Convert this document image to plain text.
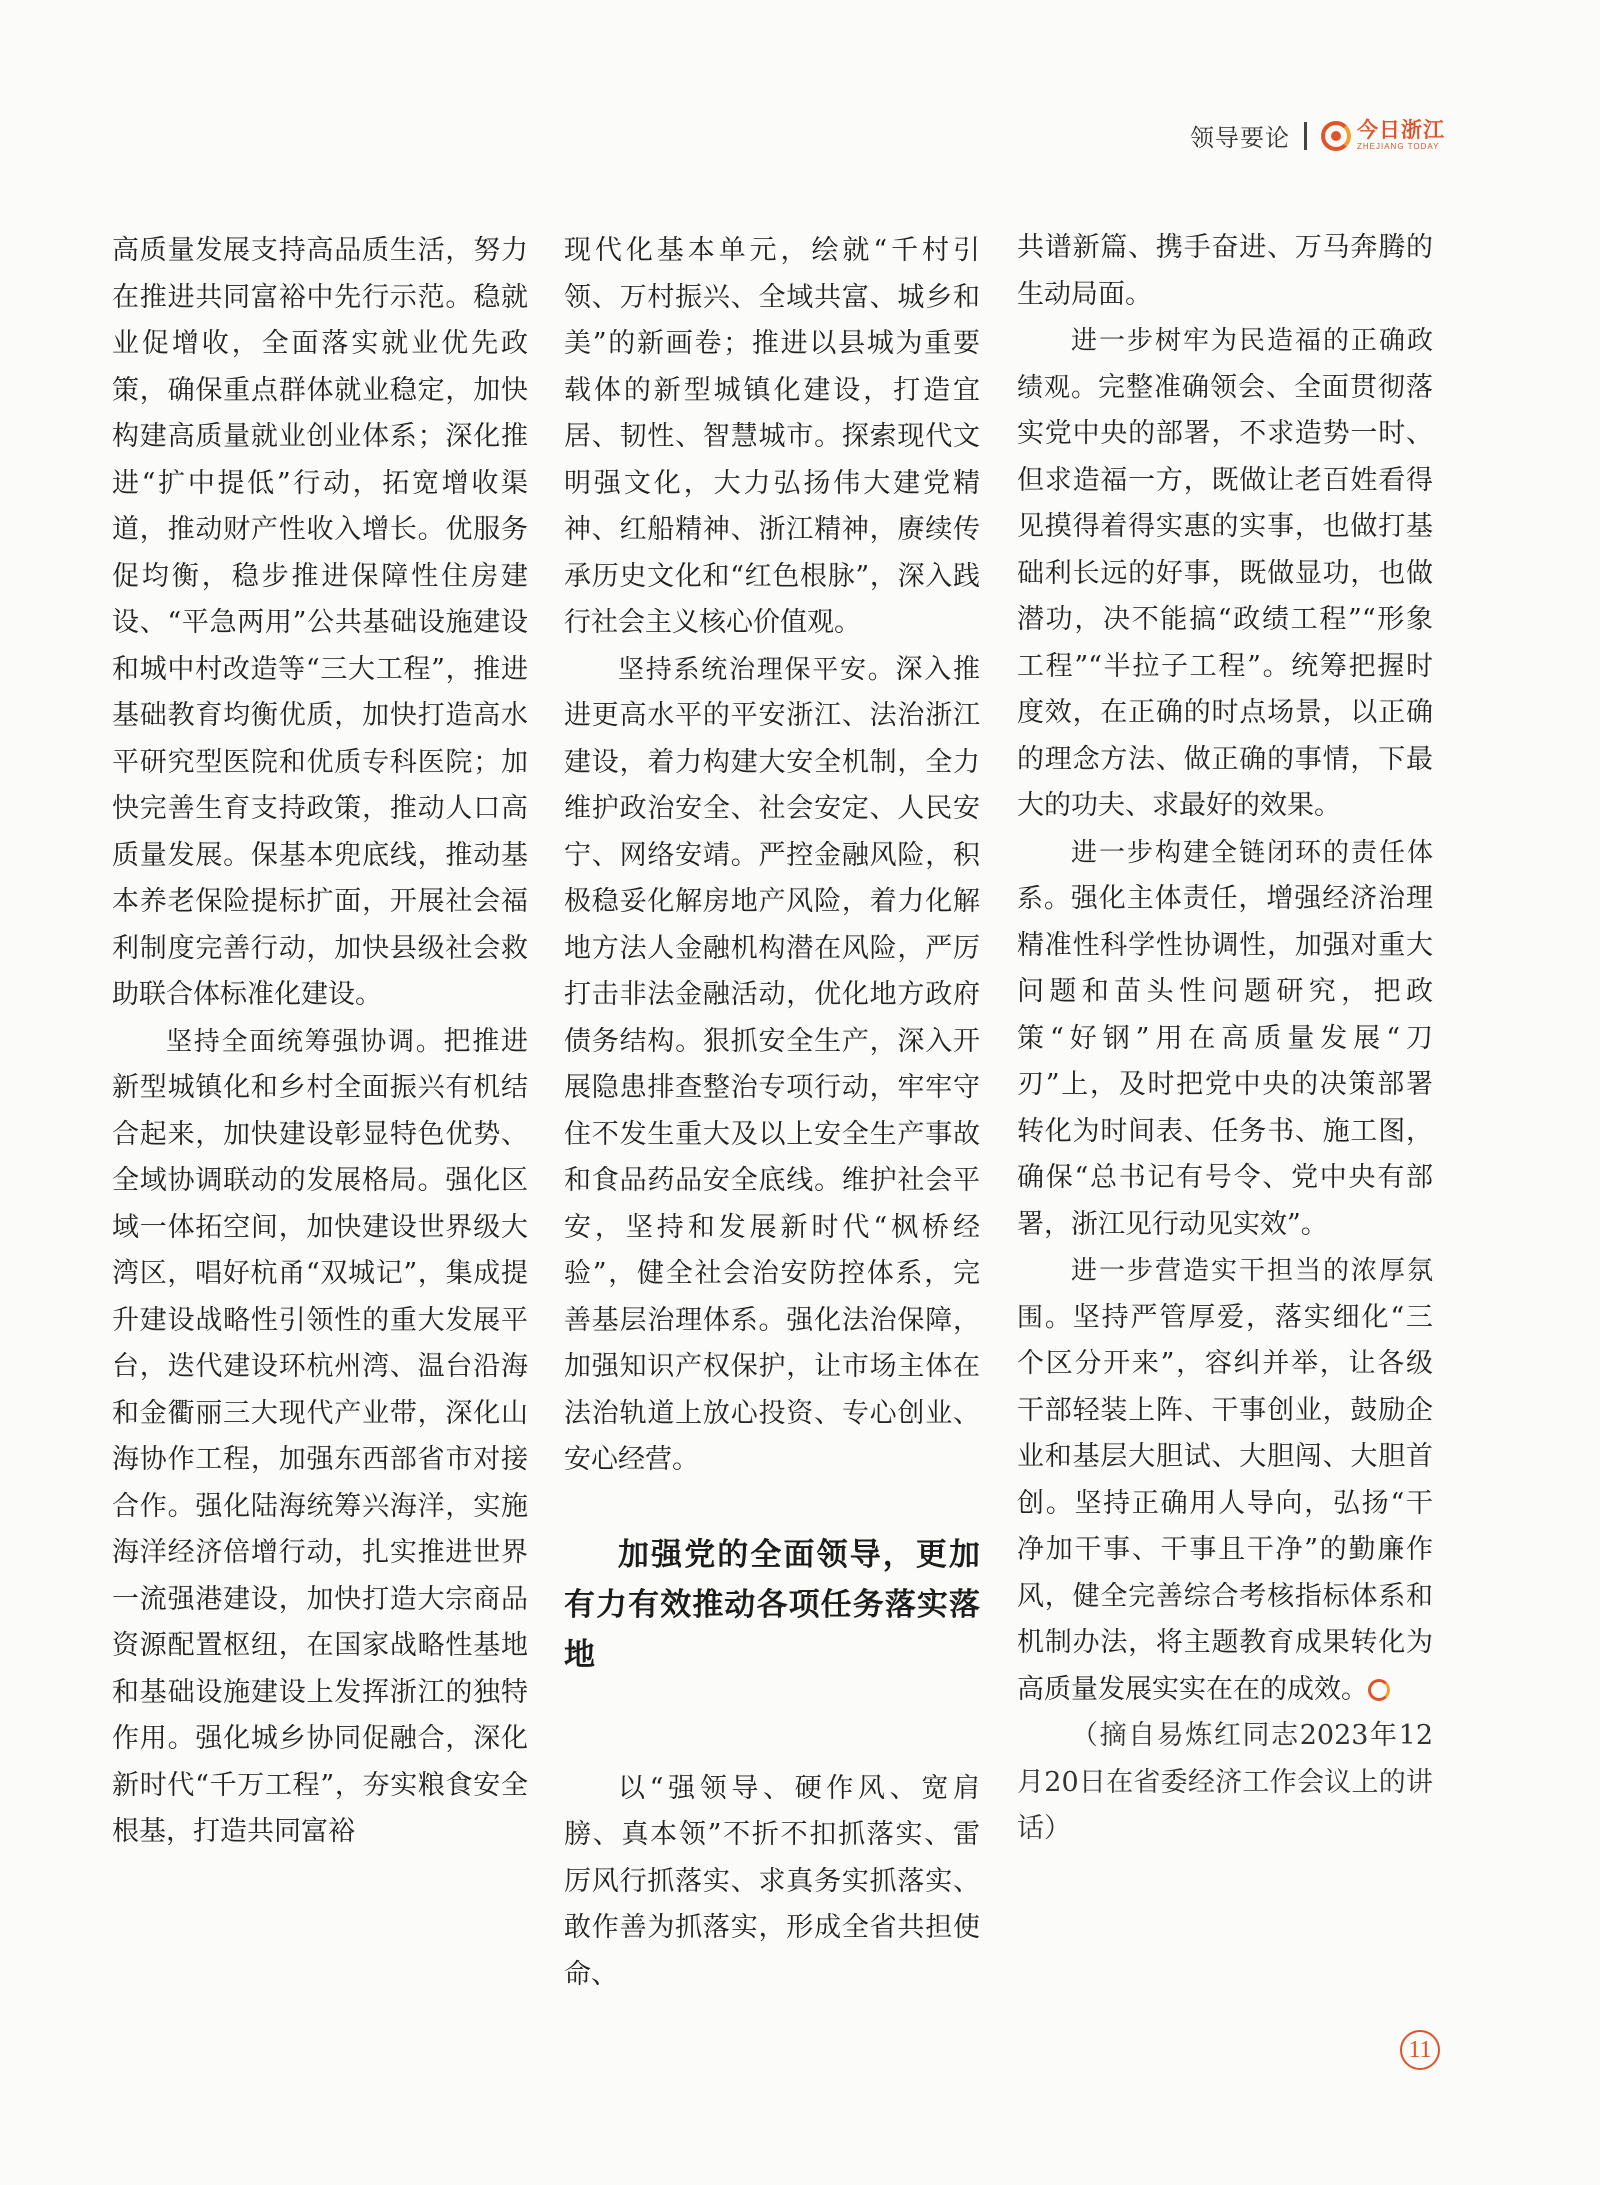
领导要论	今日浙江
ZHEJIANG TODAY

高质量发展支持高品质生活，努力在推进共同富裕中先行示范。稳就业促增收，全面落实就业优先政策，确保重点群体就业稳定，加快构建高质量就业创业体系；深化推进“扩中提低”行动，拓宽增收渠道，推动财产性收入增长。优服务促均衡，稳步推进保障性住房建设、“平急两用”公共基础设施建设和城中村改造等“三大工程”，推进基础教育均衡优质，加快打造高水平研究型医院和优质专科医院；加快完善生育支持政策，推动人口高质量发展。保基本兜底线，推动基本养老保险提标扩面，开展社会福利制度完善行动，加快县级社会救助联合体标准化建设。

坚持全面统筹强协调。把推进新型城镇化和乡村全面振兴有机结合起来，加快建设彰显特色优势、全域协调联动的发展格局。强化区域一体拓空间，加快建设世界级大湾区，唱好杭甬“双城记”，集成提升建设战略性引领性的重大发展平台，迭代建设环杭州湾、温台沿海和金衢丽三大现代产业带，深化山海协作工程，加强东西部省市对接合作。强化陆海统筹兴海洋，实施海洋经济倍增行动，扎实推进世界一流强港建设，加快打造大宗商品资源配置枢纽，在国家战略性基地和基础设施建设上发挥浙江的独特作用。强化城乡协同促融合，深化新时代“千万工程”，夯实粮食安全根基，打造共同富裕

现代化基本单元，绘就“千村引领、万村振兴、全域共富、城乡和美”的新画卷；推进以县城为重要载体的新型城镇化建设，打造宜居、韧性、智慧城市。探索现代文明强文化，大力弘扬伟大建党精神、红船精神、浙江精神，赓续传承历史文化和“红色根脉”，深入践行社会主义核心价值观。

坚持系统治理保平安。深入推进更高水平的平安浙江、法治浙江建设，着力构建大安全机制，全力维护政治安全、社会安定、人民安宁、网络安靖。严控金融风险，积极稳妥化解房地产风险，着力化解地方法人金融机构潜在风险，严厉打击非法金融活动，优化地方政府债务结构。狠抓安全生产，深入开展隐患排查整治专项行动，牢牢守住不发生重大及以上安全生产事故和食品药品安全底线。维护社会平安，坚持和发展新时代“枫桥经验”，健全社会治安防控体系，完善基层治理体系。强化法治保障，加强知识产权保护，让市场主体在法治轨道上放心投资、专心创业、安心经营。

加强党的全面领导，更加有力有效推动各项任务落实落地

以“强领导、硬作风、宽肩膀、真本领”不折不扣抓落实、雷厉风行抓落实、求真务实抓落实、敢作善为抓落实，形成全省共担使命、

共谱新篇、携手奋进、万马奔腾的生动局面。

进一步树牢为民造福的正确政绩观。完整准确领会、全面贯彻落实党中央的部署，不求造势一时、但求造福一方，既做让老百姓看得见摸得着得实惠的实事，也做打基础利长远的好事，既做显功，也做潜功，决不能搞“政绩工程”“形象工程”“半拉子工程”。统筹把握时度效，在正确的时点场景，以正确的理念方法、做正确的事情，下最大的功夫、求最好的效果。

进一步构建全链闭环的责任体系。强化主体责任，增强经济治理精准性科学性协调性，加强对重大问题和苗头性问题研究，把政策“好钢”用在高质量发展“刀刃”上，及时把党中央的决策部署转化为时间表、任务书、施工图，确保“总书记有号令、党中央有部署，浙江见行动见实效”。

进一步营造实干担当的浓厚氛围。坚持严管厚爱，落实细化“三个区分开来”，容纠并举，让各级干部轻装上阵、干事创业，鼓励企业和基层大胆试、大胆闯、大胆首创。坚持正确用人导向，弘扬“干净加干事、干事且干净”的勤廉作风，健全完善综合考核指标体系和机制办法，将主题教育成果转化为高质量发展实实在在的成效。

（摘自易炼红同志2023年12月20日在省委经济工作会议上的讲话）

11
